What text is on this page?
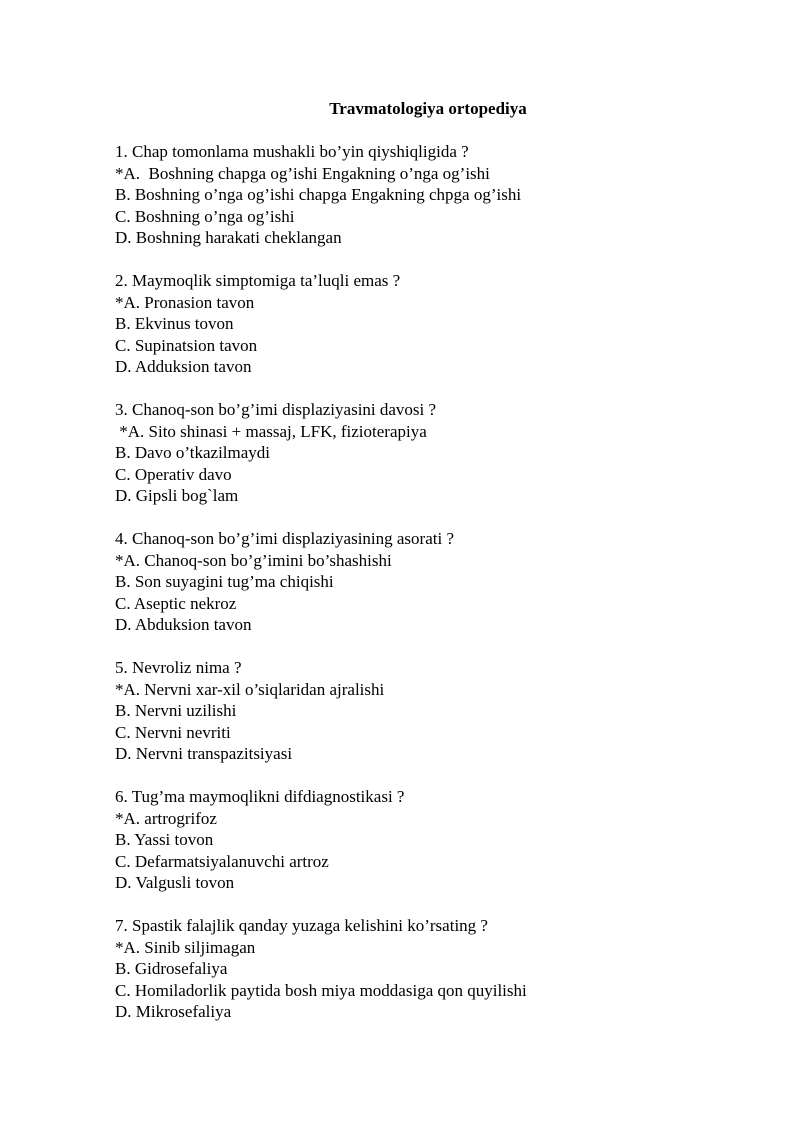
Travmatologiya ortopediya

1. Chap tomonlama mushakli bo’yin qiyshiqligida ?

*A.  Boshning chapga og’ishi Engakning o’nga og’ishi

B. Boshning o’nga og’ishi chapga Engakning chpga og’ishi

C. Boshning o’nga og’ishi

D. Boshning harakati cheklangan

2. Maymoqlik simptomiga ta’luqli emas ?

*A. Pronasion tavon

B. Ekvinus tovon

C. Supinatsion tavon

D. Adduksion tavon

3. Chanoq-son bo’g’imi displaziyasini davosi ?

*A. Sito shinasi + massaj, LFK, fizioterapiya

B. Davo o’tkazilmaydi

C. Operativ davo

D. Gipsli bog`lam

4. Chanoq-son bo’g’imi displaziyasining asorati ?

*A. Chanoq-son bo’g’imini bo’shashishi

B. Son suyagini tug’ma chiqishi

C. Aseptic nekroz

D. Abduksion tavon

5. Nevroliz nima ?

*A. Nervni xar-xil o’siqlaridan ajralishi

B. Nervni uzilishi

C. Nervni nevriti

D. Nervni transpazitsiyasi

6. Tug’ma maymoqlikni difdiagnostikasi ?

*A. artrogrifoz

B. Yassi tovon

C. Defarmatsiyalanuvchi artroz

D. Valgusli tovon

7. Spastik falajlik qanday yuzaga kelishini ko’rsating ?

*A. Sinib siljimagan

B. Gidrosefaliya

C. Homiladorlik paytida bosh miya moddasiga qon quyilishi

D. Mikrosefaliya
